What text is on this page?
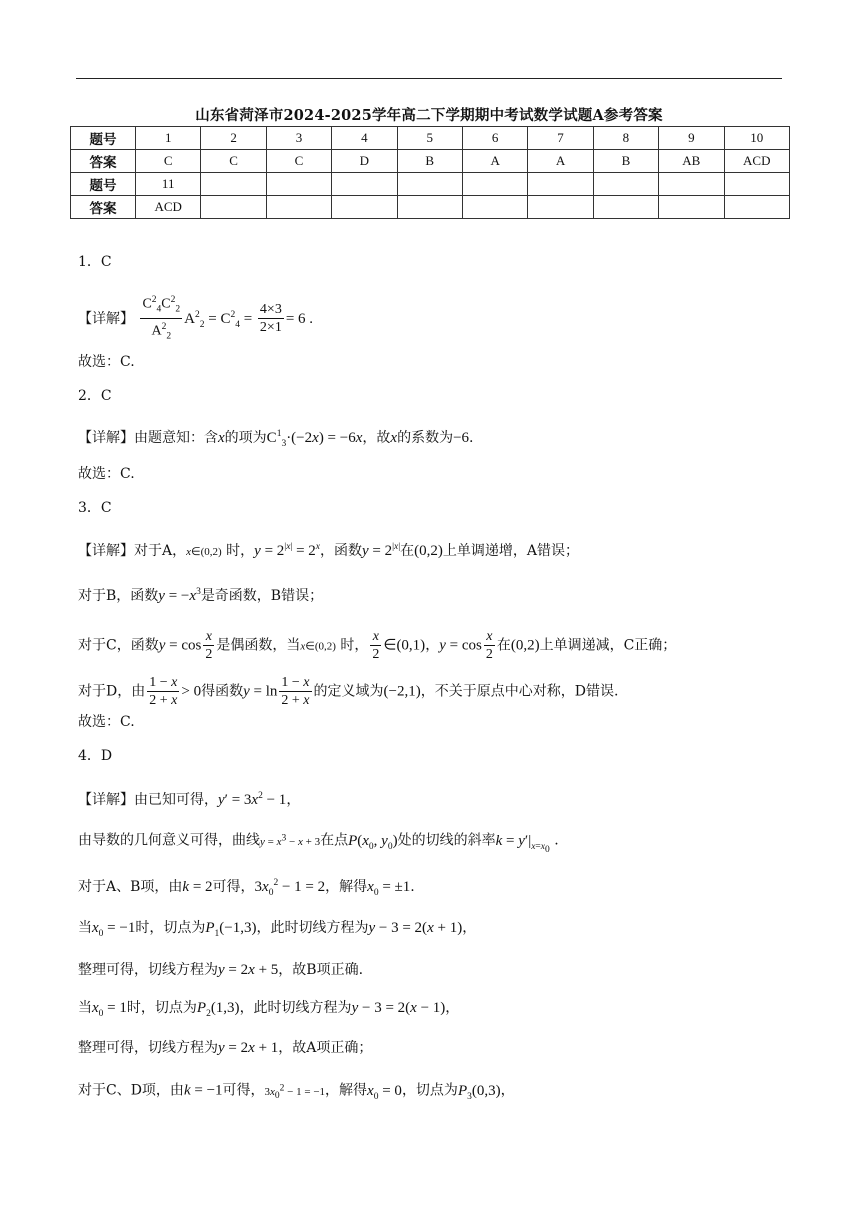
山东省菏泽市2024-2025学年高二下学期期中考试数学试题A参考答案
题号	1	2	3	4	5	6	7	8	9	10
答案	C	C	C	D	B	A	A	B	AB	ACD
题号	11									
答案	ACD									
1．C
【详解】 $\frac{C^2_4C^2_2}{A^2_2} A^2_2 = C^2_4 = \frac{4\times 3}{2\times 1} = 6$ .
故选：C.
2．C
【详解】由题意知：含x的项为$C^1_3\cdot(-2x) = -6x$，故x的系数为−6.
故选：C.
3．C
【详解】对于A，x∈(0,2) 时，$y = 2^{|x|} = 2^x$，函数$y = 2^{|x|}$在(0,2)上单调递增，A错误；
对于B，函数$y = -x^3$是奇函数，B错误；
对于C，函数$y = \cos \frac{x}{2}$ 是偶函数，当x∈(0,2) 时， $\frac{x}{2}$ ∈(0,1)，$y = \cos \frac{x}{2}$ 在(0,2)上单调递减，C正确；
对于D，由 $\frac{1 - x}{2 + x} > 0$得函数$y = \ln \frac{1 - x}{2 + x}$ 的定义域为(−2,1)，不关于原点中心对称，D错误.
故选：C.
4．D
【详解】由已知可得，$y' = 3x^2 - 1$，
由导数的几何意义可得，曲线$y = x^3 - x + 3$在点$P(x_0$, $y_0$)处的切线的斜率$k = y'|_{x=x_0}$ .
对于A、B项，由k = 2可得，$3x_0^2 - 1 = 2$，解得$x_0 = \pm 1$.
当$x_0 = -1$时，切点为$P_1(-1,3)$，此时切线方程为y − 3 = 2(x + 1)，
整理可得，切线方程为y = 2x + 5，故B项正确.
当$x_0 = 1$时，切点为$P_2(1,3)$，此时切线方程为y − 3 = 2(x − 1)，
整理可得，切线方程为y = 2x + 1，故A项正确；
对于C、D项，由k = −1可得，$3x_0^2 - 1 = -1$，解得$x_0 = 0$，切点为$P_3(0,3)$，
